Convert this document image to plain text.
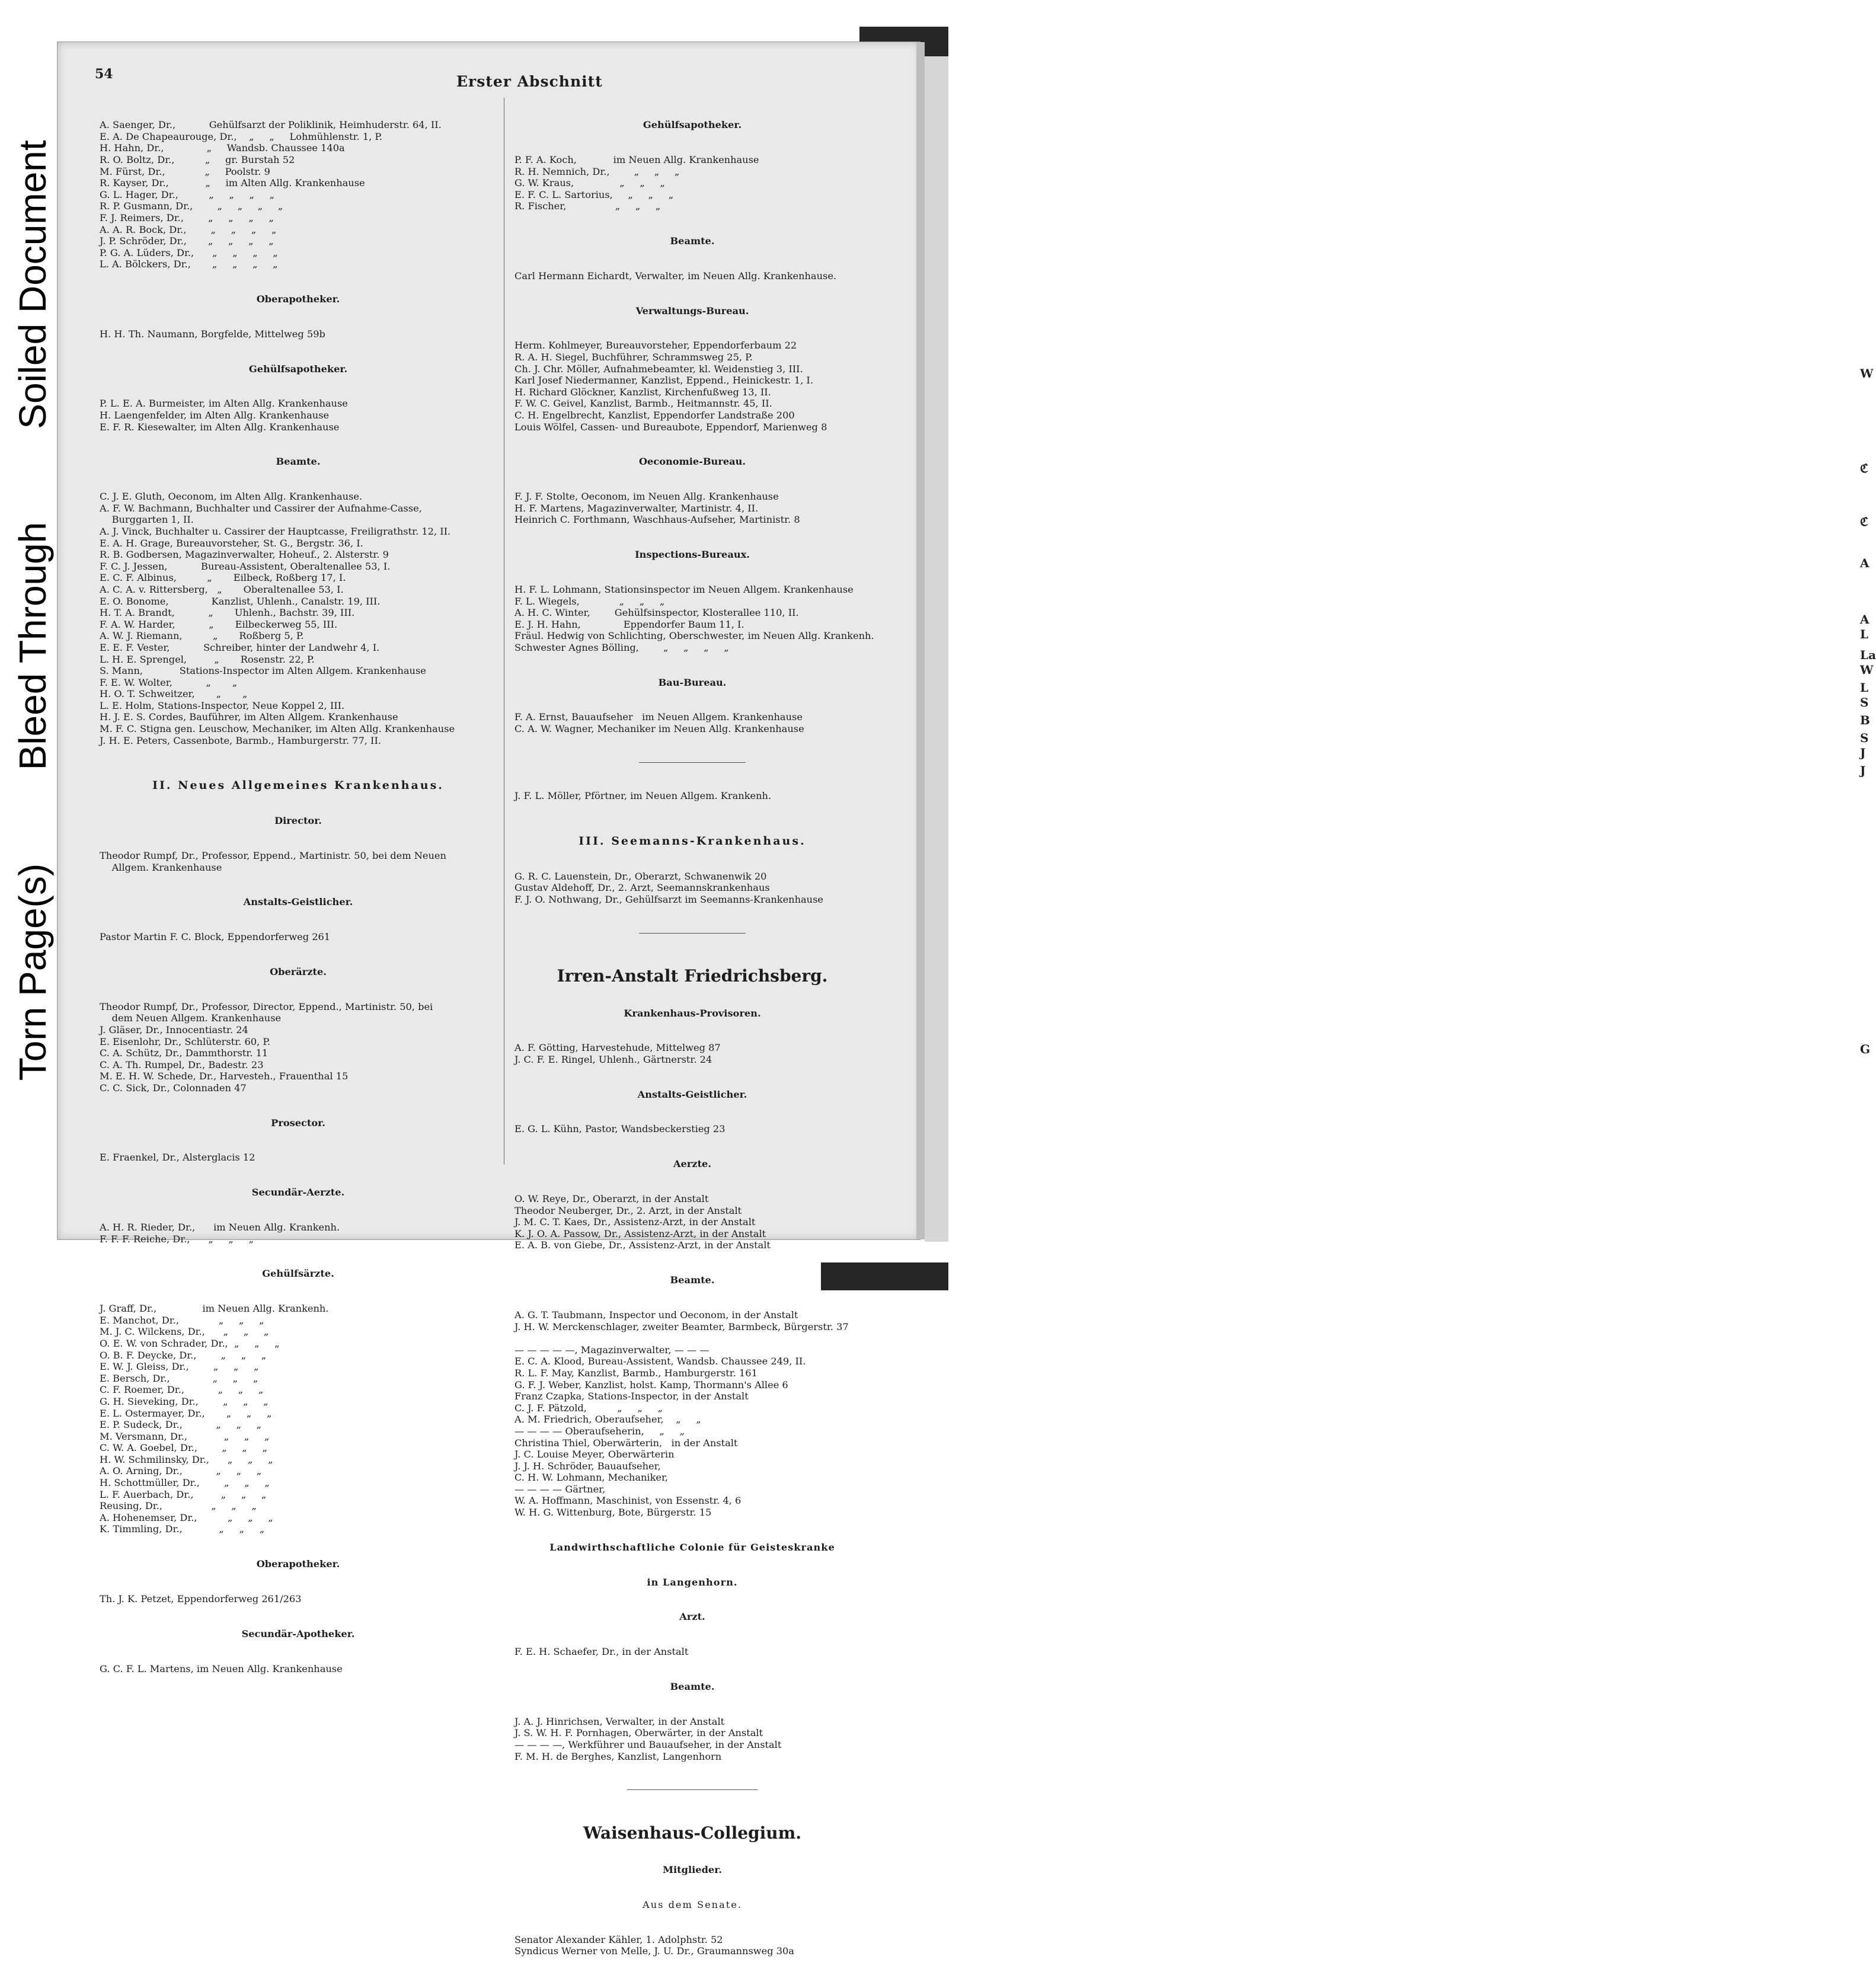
Soiled Document
Bleed Through
Torn Page(s)
W
ℭ
ℭ
A
A
L
La
W
L
S
B
S
J
J
G
54	Erster Abschnitt

A. Saenger, Dr.,           Gehülfsarzt der Poliklinik, Heimhuderstr. 64, II.
E. A. De Chapeaurouge, Dr.,    „     „     Lohmühlenstr. 1, P.
H. Hahn, Dr.,              „     Wandsb. Chaussee 140a
R. O. Boltz, Dr.,          „     gr. Burstah 52
M. Fürst, Dr.,             „     Poolstr. 9
R. Kayser, Dr.,            „     im Alten Allg. Krankenhause
G. L. Hager, Dr.,          „     „     „     „
R. P. Gusmann, Dr.,        „     „     „     „
F. J. Reimers, Dr.,        „     „     „     „
A. A. R. Bock, Dr.,        „     „     „     „
J. P. Schröder, Dr.,       „     „     „     „
P. G. A. Lüders, Dr.,      „     „     „     „
L. A. Bölckers, Dr.,       „     „     „     „

Oberapotheker.

H. H. Th. Naumann, Borgfelde, Mittelweg 59b

Gehülfsapotheker.

P. L. E. A. Burmeister, im Alten Allg. Krankenhause
H. Laengenfelder, im Alten Allg. Krankenhause
E. F. R. Kiesewalter, im Alten Allg. Krankenhause

Beamte.

C. J. E. Gluth, Oeconom, im Alten Allg. Krankenhause.
A. F. W. Bachmann, Buchhalter und Cassirer der Aufnahme-Casse,
Burggarten 1, II.
A. J. Vinck, Buchhalter u. Cassirer der Hauptcasse, Freiligrathstr. 12, II.
E. A. H. Grage, Bureauvorsteher, St. G., Bergstr. 36, I.
R. B. Godbersen, Magazinverwalter, Hoheuf., 2. Alsterstr. 9
F. C. J. Jessen,           Bureau-Assistent, Oberaltenallee 53, I.
E. C. F. Albinus,          „       Eilbeck, Roßberg 17, I.
A. C. A. v. Rittersberg,   „       Oberaltenallee 53, I.
E. O. Bonome,              Kanzlist, Uhlenh., Canalstr. 19, III.
H. T. A. Brandt,           „       Uhlenh., Bachstr. 39, III.
F. A. W. Harder,           „       Eilbeckerweg 55, III.
A. W. J. Riemann,          „       Roßberg 5, P.
E. E. F. Vester,           Schreiber, hinter der Landwehr 4, I.
L. H. E. Sprengel,         „       Rosenstr. 22, P.
S. Mann,            Stations-Inspector im Alten Allgem. Krankenhause
F. E. W. Wolter,           „       „
H. O. T. Schweitzer,       „       „
L. E. Holm, Stations-Inspector, Neue Koppel 2, III.
H. J. E. S. Cordes, Bauführer, im Alten Allgem. Krankenhause
M. F. C. Stigna gen. Leuschow, Mechaniker, im Alten Allg. Krankenhause
J. H. E. Peters, Cassenbote, Barmb., Hamburgerstr. 77, II.

II. Neues Allgemeines Krankenhaus.

Director.

Theodor Rumpf, Dr., Professor, Eppend., Martinistr. 50, bei dem Neuen
Allgem. Krankenhause

Anstalts-Geistlicher.

Pastor Martin F. C. Block, Eppendorferweg 261

Oberärzte.

Theodor Rumpf, Dr., Professor, Director, Eppend., Martinistr. 50, bei
dem Neuen Allgem. Krankenhause
J. Gläser, Dr., Innocentiastr. 24
E. Eisenlohr, Dr., Schlüterstr. 60, P.
C. A. Schütz, Dr., Dammthorstr. 11
C. A. Th. Rumpel, Dr., Badestr. 23
M. E. H. W. Schede, Dr., Harvesteh., Frauenthal 15
C. C. Sick, Dr., Colonnaden 47

Prosector.

E. Fraenkel, Dr., Alsterglacis 12

Secundär-Aerzte.

A. H. R. Rieder, Dr.,      im Neuen Allg. Krankenh.
F. F. F. Reiche, Dr.,      „     „     „

Gehülfsärzte.

J. Graff, Dr.,               im Neuen Allg. Krankenh.
E. Manchot, Dr.,             „     „     „
M. J. C. Wilckens, Dr.,      „     „     „
O. E. W. von Schrader, Dr.,  „     „     „
O. B. F. Deycke, Dr.,        „     „     „
E. W. J. Gleiss, Dr.,        „     „     „
E. Bersch, Dr.,              „     „     „
C. F. Roemer, Dr.,           „     „     „
G. H. Sieveking, Dr.,        „     „     „
E. L. Ostermayer, Dr.,       „     „     „
E. P. Sudeck, Dr.,           „     „     „
M. Versmann, Dr.,            „     „     „
C. W. A. Goebel, Dr.,        „     „     „
H. W. Schmilinsky, Dr.,      „     „     „
A. O. Arning, Dr.,           „     „     „
H. Schottmüller, Dr.,        „     „     „
L. F. Auerbach, Dr.,         „     „     „
Reusing, Dr.,                „     „     „
A. Hohenemser, Dr.,          „     „     „
K. Timmling, Dr.,            „     „     „

Oberapotheker.

Th. J. K. Petzet, Eppendorferweg 261/263

Secundär-Apotheker.

G. C. F. L. Martens, im Neuen Allg. Krankenhause

Gehülfsapotheker.

P. F. A. Koch,            im Neuen Allg. Krankenhause
R. H. Nemnich, Dr.,        „     „     „
G. W. Kraus,               „     „     „
E. F. C. L. Sartorius,     „     „     „
R. Fischer,                „     „     „

Beamte.

Carl Hermann Eichardt, Verwalter, im Neuen Allg. Krankenhause.

Verwaltungs-Bureau.

Herm. Kohlmeyer, Bureauvorsteher, Eppendorferbaum 22
R. A. H. Siegel, Buchführer, Schrammsweg 25, P.
Ch. J. Chr. Möller, Aufnahmebeamter, kl. Weidenstieg 3, III.
Karl Josef Niedermanner, Kanzlist, Eppend., Heinickestr. 1, I.
H. Richard Glöckner, Kanzlist, Kirchenfußweg 13, II.
F. W. C. Geivel, Kanzlist, Barmb., Heitmannstr. 45, II.
C. H. Engelbrecht, Kanzlist, Eppendorfer Landstraße 200
Louis Wölfel, Cassen- und Bureaubote, Eppendorf, Marienweg 8

Oeconomie-Bureau.

F. J. F. Stolte, Oeconom, im Neuen Allg. Krankenhause
H. F. Martens, Magazinverwalter, Martinistr. 4, II.
Heinrich C. Forthmann, Waschhaus-Aufseher, Martinistr. 8

Inspections-Bureaux.

H. F. L. Lohmann, Stationsinspector im Neuen Allgem. Krankenhause
F. L. Wiegels,             „     „     „
A. H. C. Winter,        Gehülfsinspector, Klosterallee 110, II.
E. J. H. Hahn,              Eppendorfer Baum 11, I.
Fräul. Hedwig von Schlichting, Oberschwester, im Neuen Allg. Krankenh.
Schwester Agnes Bölling,        „     „     „     „

Bau-Bureau.

F. A. Ernst, Bauaufseher   im Neuen Allgem. Krankenhause
C. A. W. Wagner, Mechaniker im Neuen Allg. Krankenhause

J. F. L. Möller, Pförtner, im Neuen Allgem. Krankenh.

III. Seemanns-Krankenhaus.

G. R. C. Lauenstein, Dr., Oberarzt, Schwanenwik 20
Gustav Aldehoff, Dr., 2. Arzt, Seemannskrankenhaus
F. J. O. Nothwang, Dr., Gehülfsarzt im Seemanns-Krankenhause

Irren-Anstalt Friedrichsberg.

Krankenhaus-Provisoren.

A. F. Götting, Harvestehude, Mittelweg 87
J. C. F. E. Ringel, Uhlenh., Gärtnerstr. 24

Anstalts-Geistlicher.

E. G. L. Kühn, Pastor, Wandsbeckerstieg 23

Aerzte.

O. W. Reye, Dr., Oberarzt, in der Anstalt
Theodor Neuberger, Dr., 2. Arzt, in der Anstalt
J. M. C. T. Kaes, Dr., Assistenz-Arzt, in der Anstalt
K. J. O. A. Passow, Dr., Assistenz-Arzt, in der Anstalt
E. A. B. von Giebe, Dr., Assistenz-Arzt, in der Anstalt

Beamte.

A. G. T. Taubmann, Inspector und Oeconom, in der Anstalt
J. H. W. Merckenschlager, zweiter Beamter, Barmbeck, Bürgerstr. 37

— — — — —, Magazinverwalter, — — —
E. C. A. Klood, Bureau-Assistent, Wandsb. Chaussee 249, II.
R. L. F. May, Kanzlist, Barmb., Hamburgerstr. 161
G. F. J. Weber, Kanzlist, holst. Kamp, Thormann's Allee 6
Franz Czapka, Stations-Inspector, in der Anstalt
C. J. F. Pätzold,          „     „     „
A. M. Friedrich, Oberaufseher,    „     „
— — — — Oberaufseherin,     „     „
Christina Thiel, Oberwärterin,   in der Anstalt
J. C. Louise Meyer, Oberwärterin
J. J. H. Schröder, Bauaufseher,
C. H. W. Lohmann, Mechaniker,
— — — — Gärtner,
W. A. Hoffmann, Maschinist, von Essenstr. 4, 6
W. H. G. Wittenburg, Bote, Bürgerstr. 15

Landwirthschaftliche Colonie für Geisteskranke

in Langenhorn.

Arzt.

F. E. H. Schaefer, Dr., in der Anstalt

Beamte.

J. A. J. Hinrichsen, Verwalter, in der Anstalt
J. S. W. H. F. Pornhagen, Oberwärter, in der Anstalt
— — — —, Werkführer und Bauaufseher, in der Anstalt
F. M. H. de Berghes, Kanzlist, Langenhorn

Waisenhaus-Collegium.

Mitglieder.

Aus dem Senate.

Senator Alexander Kähler, 1. Adolphstr. 52
Syndicus Werner von Melle, J. U. Dr., Graumannsweg 30a
